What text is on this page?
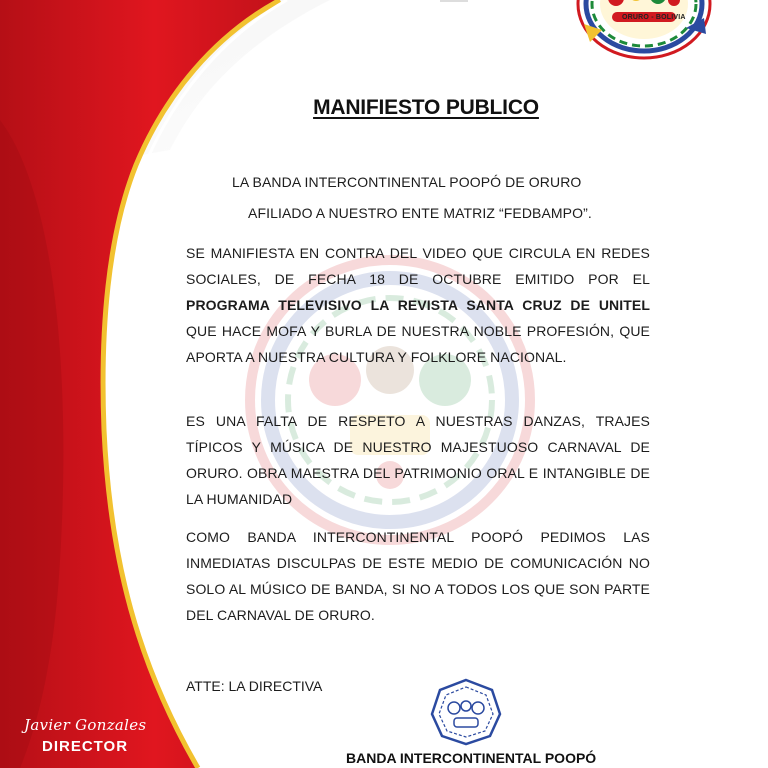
ORURO - BOLIVIA
MANIFIESTO PUBLICO
LA BANDA INTERCONTINENTAL POOPÓ DE ORURO
AFILIADO A NUESTRO ENTE MATRIZ “FEDBAMPO”.
SE MANIFIESTA EN CONTRA DEL VIDEO QUE CIRCULA EN REDES SOCIALES, DE FECHA 18 DE OCTUBRE EMITIDO POR EL PROGRAMA TELEVISIVO LA REVISTA SANTA CRUZ DE UNITEL QUE HACE MOFA Y BURLA DE NUESTRA NOBLE PROFESIÓN, QUE APORTA A NUESTRA CULTURA Y FOLKLORE NACIONAL.
ES UNA FALTA DE RESPETO A NUESTRAS DANZAS, TRAJES TÍPICOS Y MÚSICA DE NUESTRO MAJESTUOSO CARNAVAL DE ORURO. OBRA MAESTRA DEL PATRIMONIO ORAL E INTANGIBLE DE LA HUMANIDAD
COMO BANDA INTERCONTINENTAL POOPÓ PEDIMOS LAS INMEDIATAS DISCULPAS DE ESTE MEDIO DE COMUNICACIÓN NO SOLO AL MÚSICO DE BANDA, SI NO A TODOS LOS QUE SON PARTE DEL CARNAVAL DE ORURO.
ATTE: LA DIRECTIVA
BANDA INTERCONTINENTAL POOPÓ
Javier Gonzales
DIRECTOR
